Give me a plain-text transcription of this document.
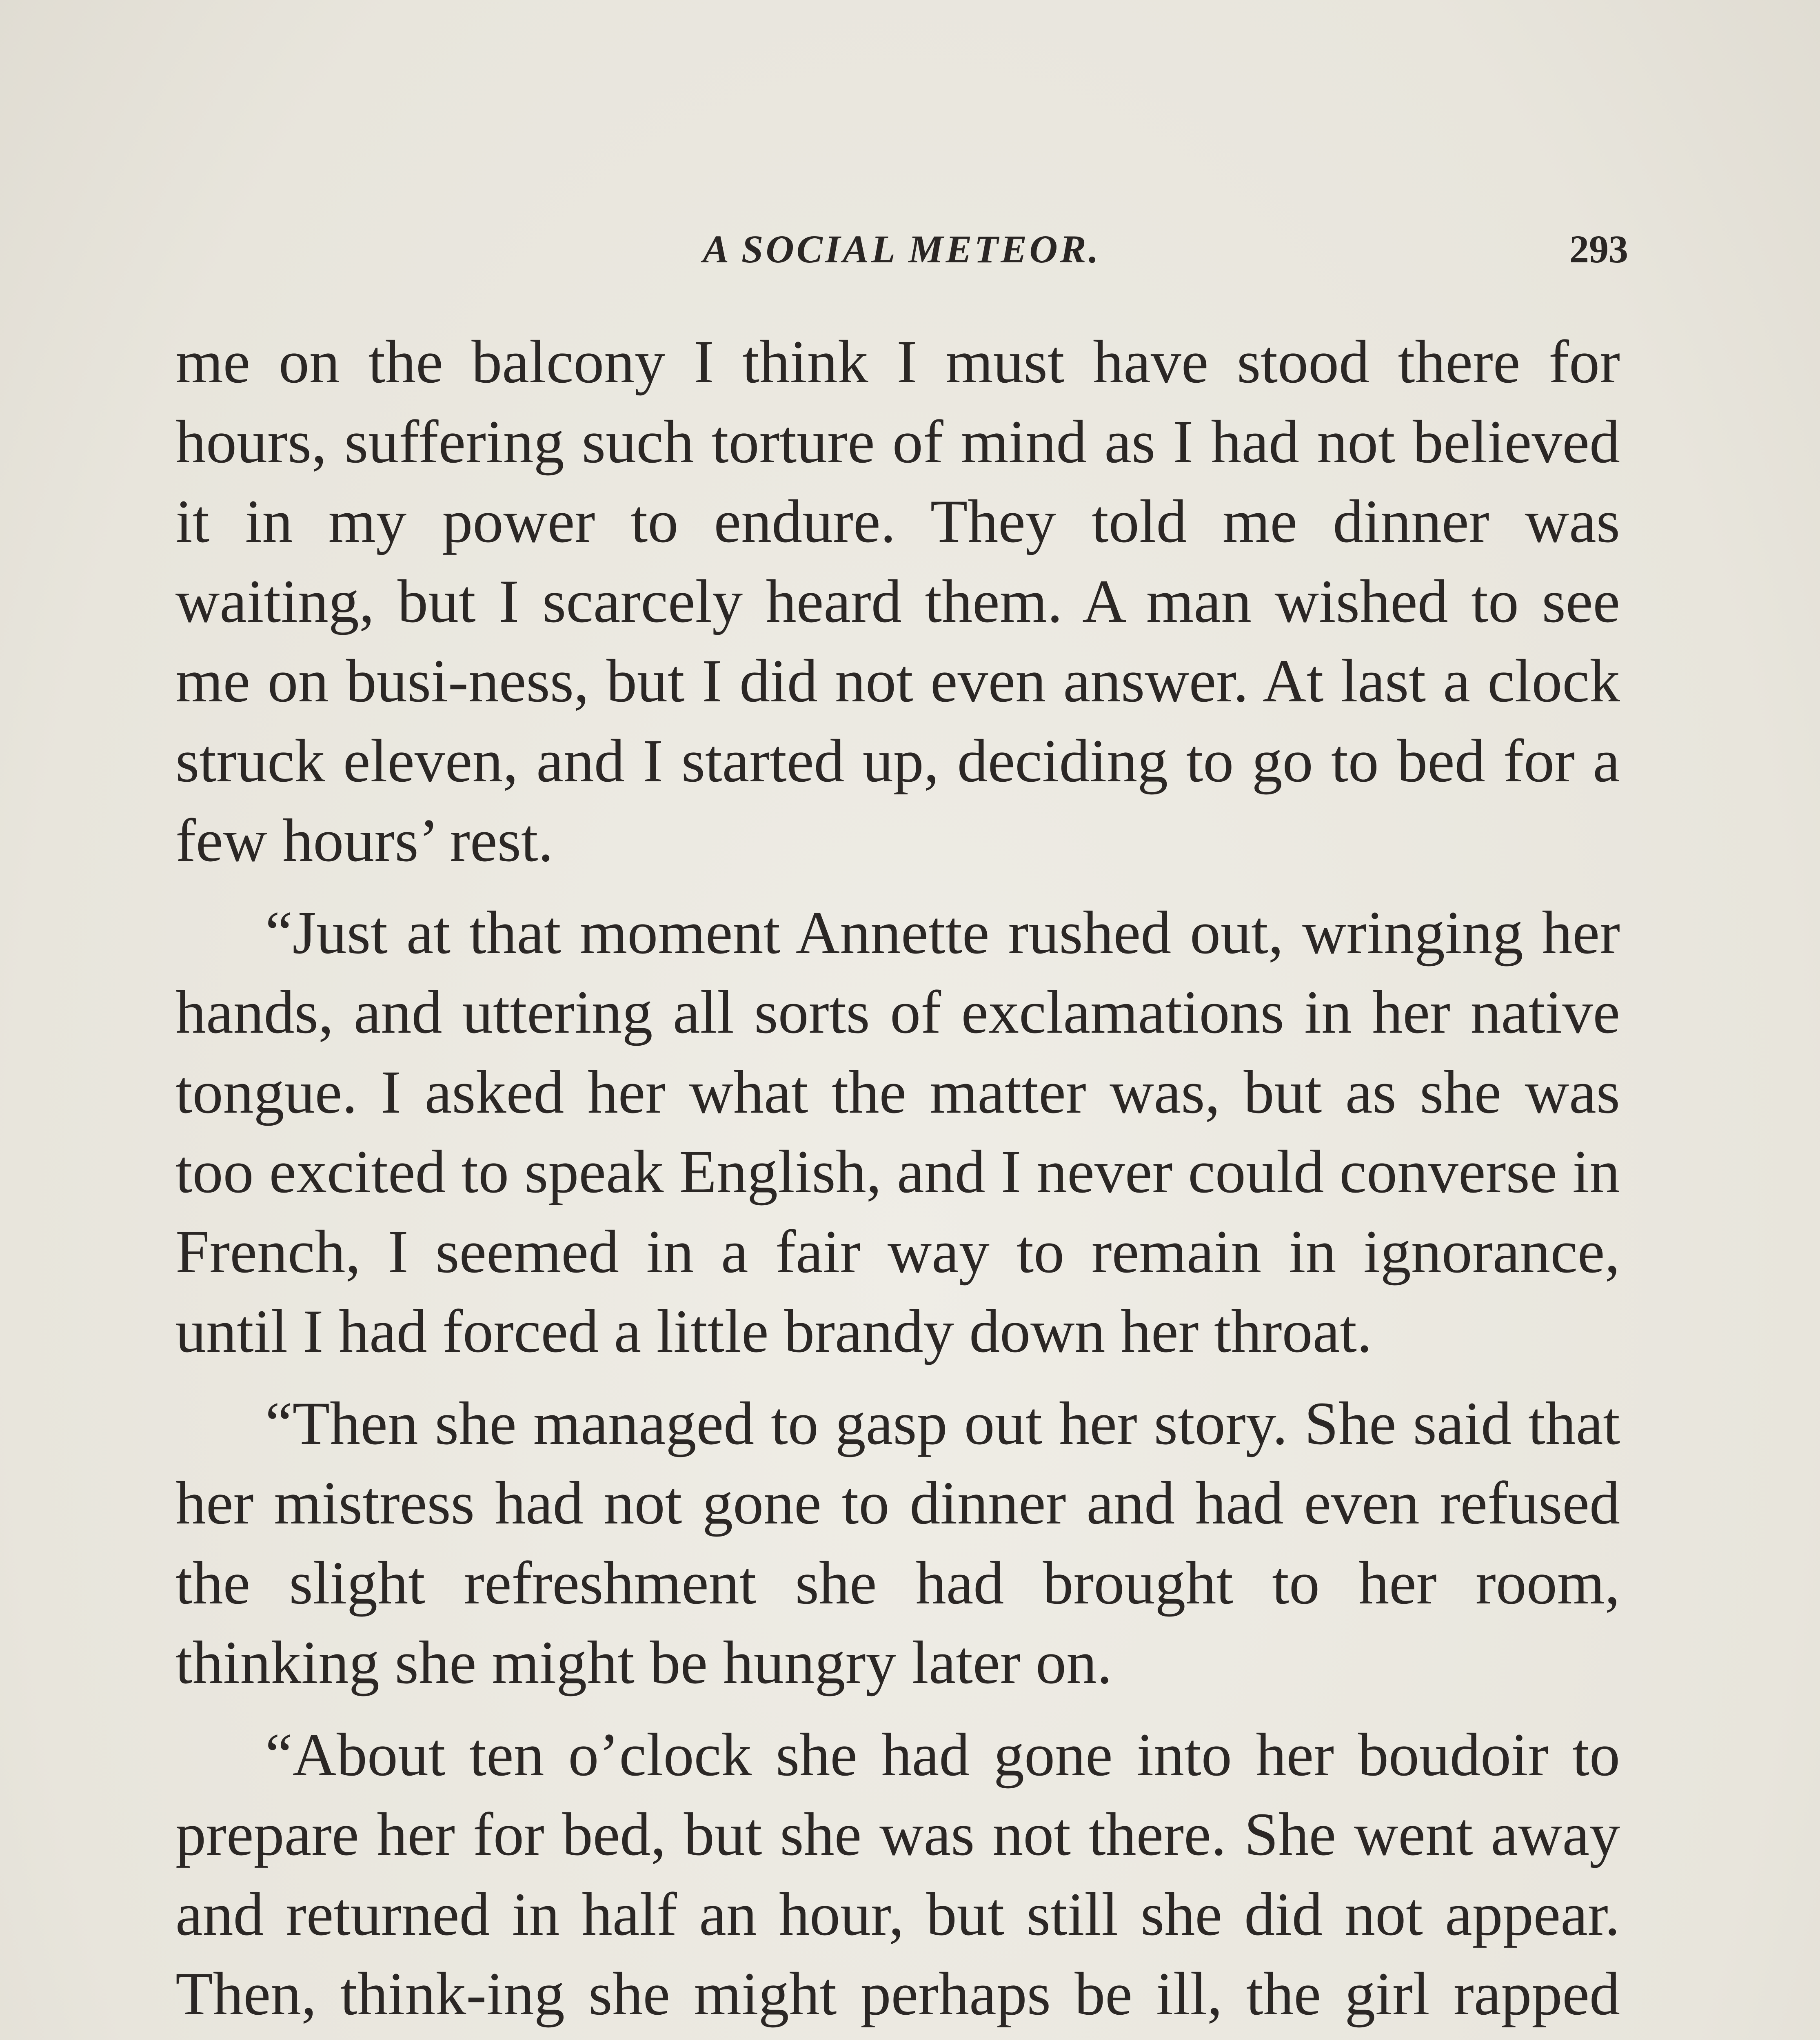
A SOCIAL METEOR.	293

me on the balcony I think I must have stood there for hours, suffering such torture of mind as I had not believed it in my power to endure. They told me dinner was waiting, but I scarcely heard them. A man wished to see me on busi-ness, but I did not even answer. At last a clock struck eleven, and I started up, deciding to go to bed for a few hours’ rest.

“Just at that moment Annette rushed out, wringing her hands, and uttering all sorts of exclamations in her native tongue. I asked her what the matter was, but as she was too excited to speak English, and I never could converse in French, I seemed in a fair way to remain in ignorance, until I had forced a little brandy down her throat.

“Then she managed to gasp out her story. She said that her mistress had not gone to dinner and had even refused the slight refreshment she had brought to her room, thinking she might be hungry later on.

“About ten o’clock she had gone into her boudoir to prepare her for bed, but she was not there. She went away and returned in half an hour, but still she did not appear. Then, think-ing she might perhaps be ill, the girl rapped
